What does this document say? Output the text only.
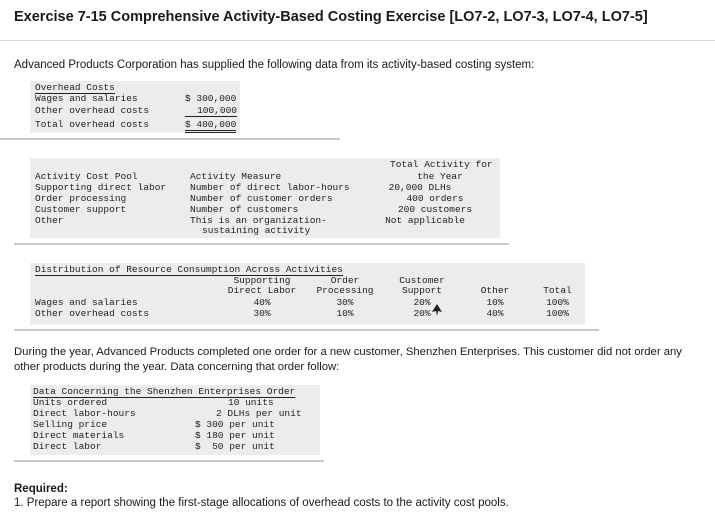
Exercise 7-15 Comprehensive Activity-Based Costing Exercise [LO7-2, LO7-3, LO7-4, LO7-5]
Advanced Products Corporation has supplied the following data from its activity-based costing system:
Overhead Costs
Wages and salaries	$ 300,000
Other overhead costs	100,000
Total overhead costs	$ 400,000
Total Activity for
Activity Cost Pool	Activity Measure	the Year
Supporting direct labor	Number of direct labor-hours	20,000 DLHs
Order processing	Number of customer orders	400 orders
Customer support	Number of customers	200 customers
Other	This is an organization-	Not applicable
sustaining activity
Distribution of Resource Consumption Across Activities
Supporting	Order	Customer
Direct Labor	Processing	Support	Other	Total
Wages and salaries	40%	30%	20%	10%	100%
Other overhead costs	30%	10%	20%	40%	100%
During the year, Advanced Products completed one order for a new customer, Shenzhen Enterprises. This customer did not order any other products during the year. Data concerning that order follow:
Data Concerning the Shenzhen Enterprises Order
Units ordered	10 units
Direct labor-hours	2 DLHs per unit
Selling price	$ 300 per unit
Direct materials	$ 180 per unit
Direct labor	$  50 per unit
Required:
1. Prepare a report showing the first-stage allocations of overhead costs to the activity cost pools.
